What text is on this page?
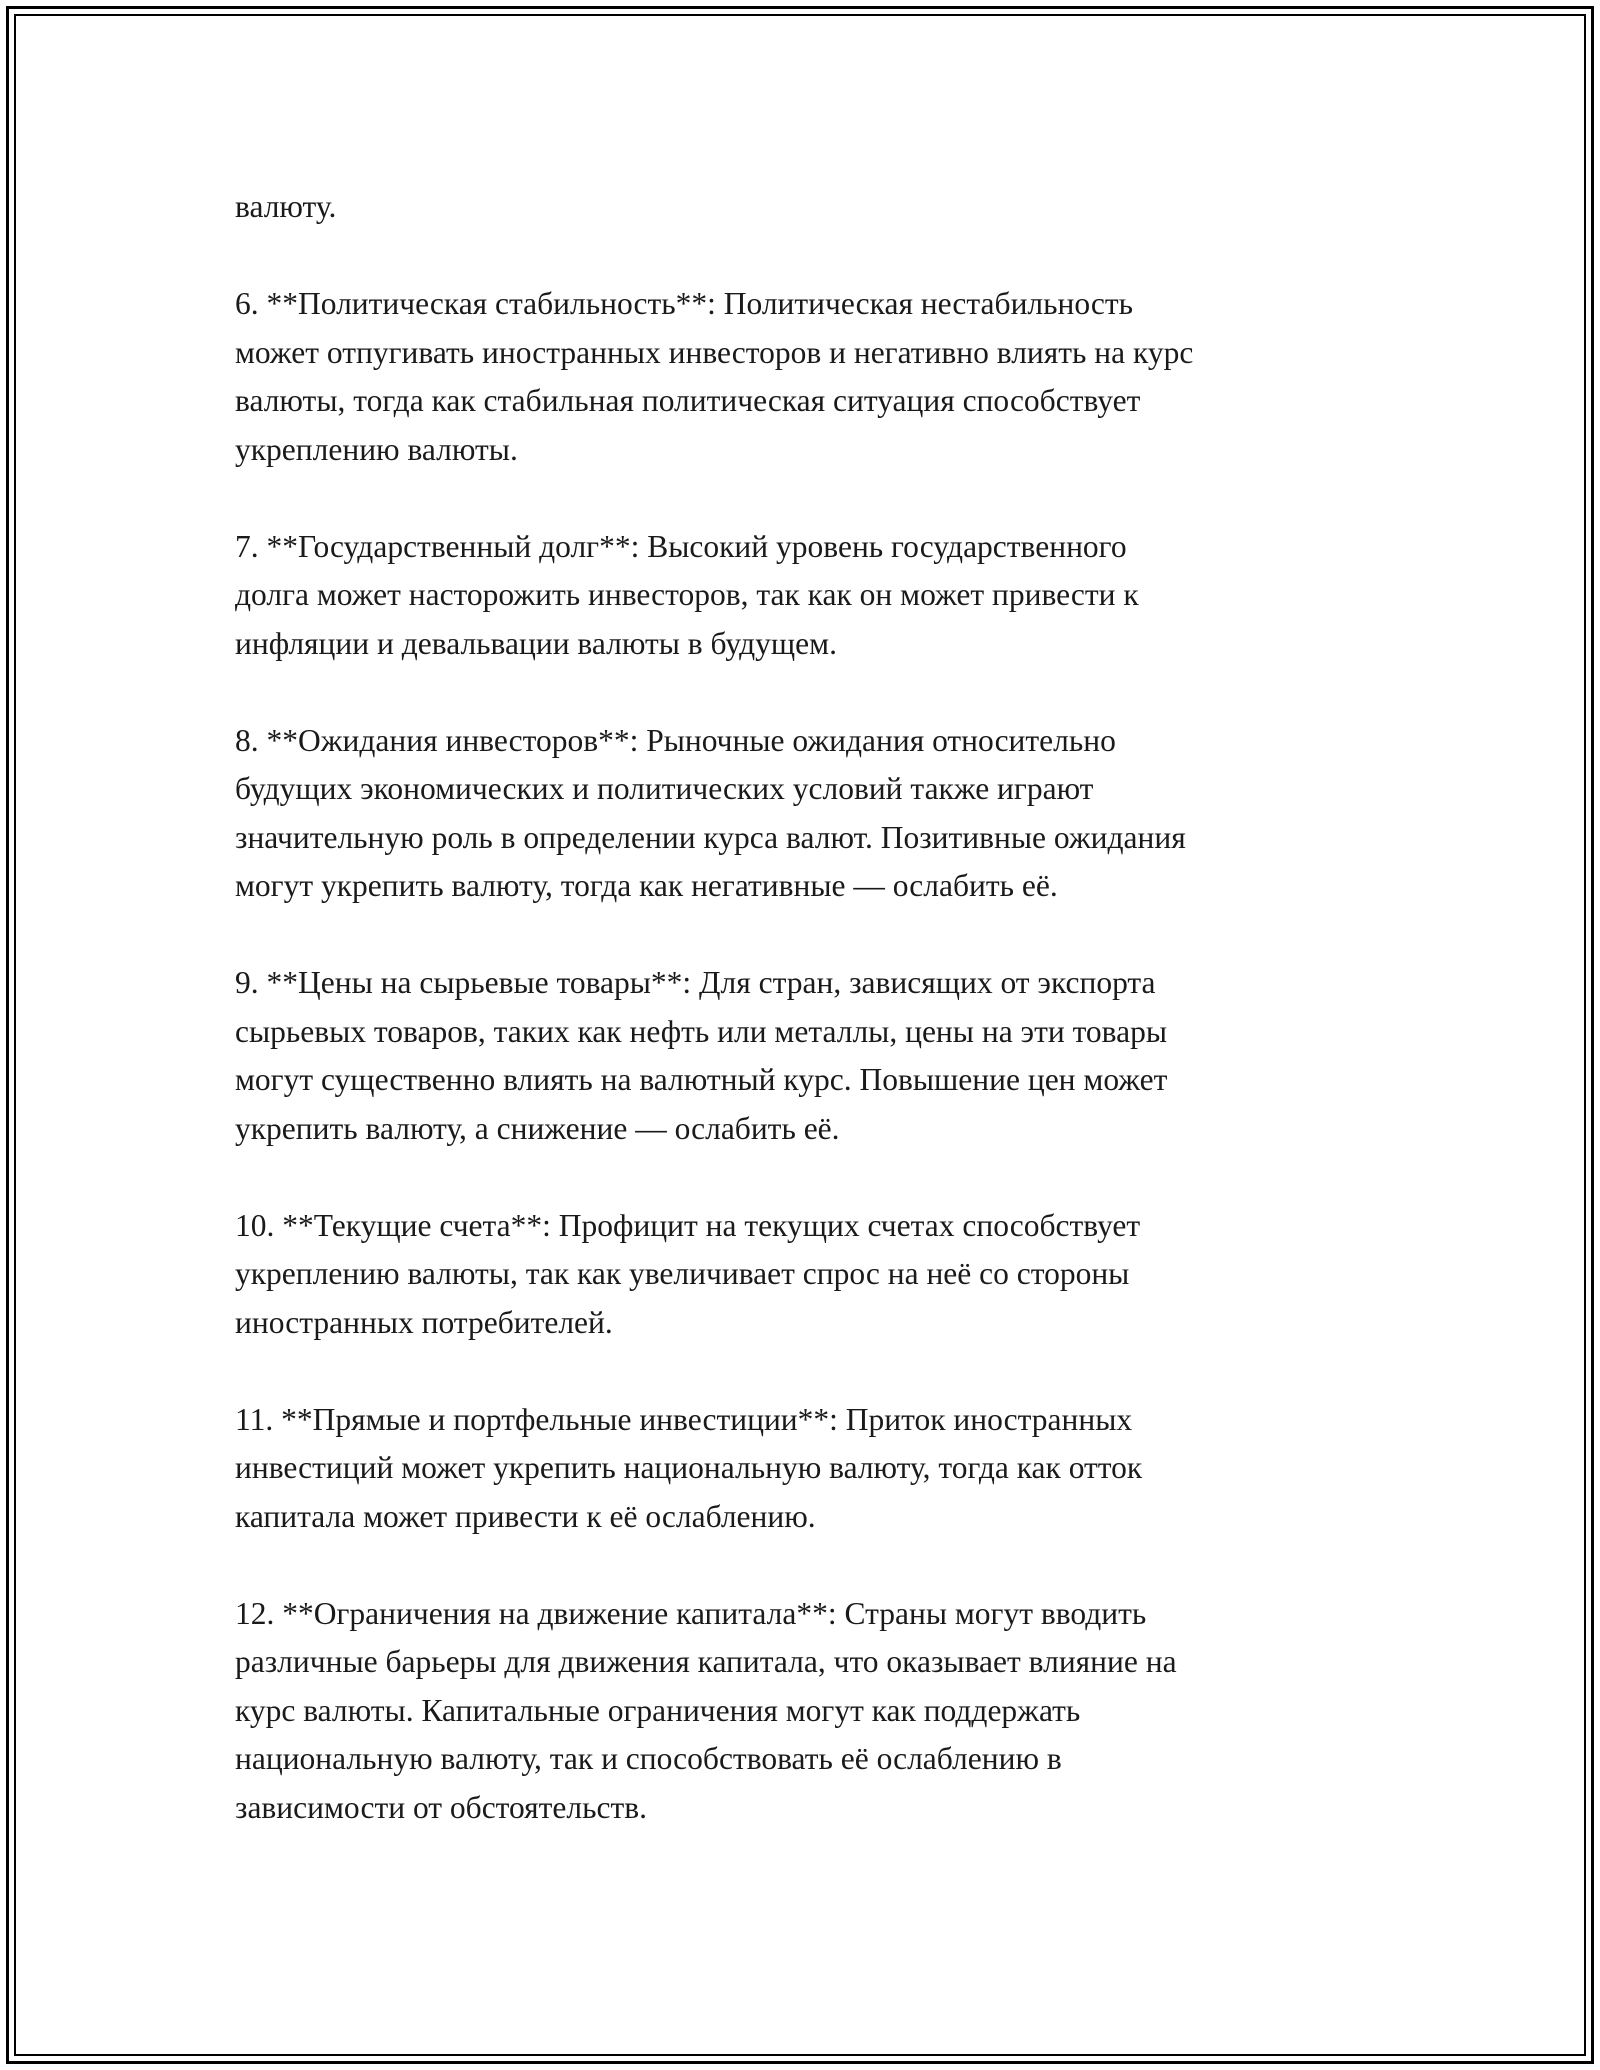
валюту.

6. **Политическая стабильность**: Политическая нестабильность
может отпугивать иностранных инвесторов и негативно влиять на курс
валюты, тогда как стабильная политическая ситуация способствует
укреплению валюты.

7. **Государственный долг**: Высокий уровень государственного
долга может насторожить инвесторов, так как он может привести к
инфляции и девальвации валюты в будущем.

8. **Ожидания инвесторов**: Рыночные ожидания относительно
будущих экономических и политических условий также играют
значительную роль в определении курса валют. Позитивные ожидания
могут укрепить валюту, тогда как негативные — ослабить её.

9. **Цены на сырьевые товары**: Для стран, зависящих от экспорта
сырьевых товаров, таких как нефть или металлы, цены на эти товары
могут существенно влиять на валютный курс. Повышение цен может
укрепить валюту, а снижение — ослабить её.

10. **Текущие счета**: Профицит на текущих счетах способствует
укреплению валюты, так как увеличивает спрос на неё со стороны
иностранных потребителей.

11. **Прямые и портфельные инвестиции**: Приток иностранных
инвестиций может укрепить национальную валюту, тогда как отток
капитала может привести к её ослаблению.

12. **Ограничения на движение капитала**: Страны могут вводить
различные барьеры для движения капитала, что оказывает влияние на
курс валюты. Капитальные ограничения могут как поддержать
национальную валюту, так и способствовать её ослаблению в
зависимости от обстоятельств.
